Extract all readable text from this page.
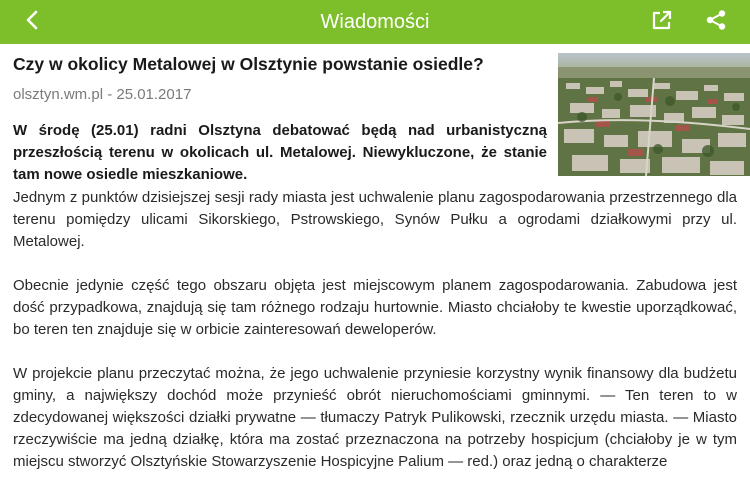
Wiadomości
Czy w okolicy Metalowej w Olsztynie powstanie osiedle?
olsztyn.wm.pl - 25.01.2017
W środę (25.01) radni Olsztyna debatować będą nad urbanistyczną przeszłością terenu w okolicach ul. Metalowej. Niewykluczone, że stanie tam nowe osiedle mieszkaniowe.

Jednym z punktów dzisiejszej sesji rady miasta jest uchwalenie planu zagospodarowania przestrzennego dla terenu pomiędzy ulicami Sikorskiego, Pstrowskiego, Synów Pułku a ogrodami działkowymi przy ul. Metalowej.

Obecnie jedynie część tego obszaru objęta jest miejscowym planem zagospodarowania. Zabudowa jest dość przypadkowa, znajdują się tam różnego rodzaju hurtownie. Miasto chciałoby te kwestie uporządkować, bo teren ten znajduje się w orbicie zainteresowań deweloperów.

W projekcie planu przeczytać można, że jego uchwalenie przyniesie korzystny wynik finansowy dla budżetu gminy, a największy dochód może przynieść obrót nieruchomościami gminnymi. — Ten teren to w zdecydowanej większości działki prywatne — tłumaczy Patryk Pulikowski, rzecznik urzędu miasta. — Miasto rzeczywiście ma jedną działkę, która ma zostać przeznaczona na potrzeby hospicjum (chciałoby je w tym miejscu stworzyć Olsztyńskie Stowarzyszenie Hospicyjne Palium — red.) oraz jedną o charakterze
